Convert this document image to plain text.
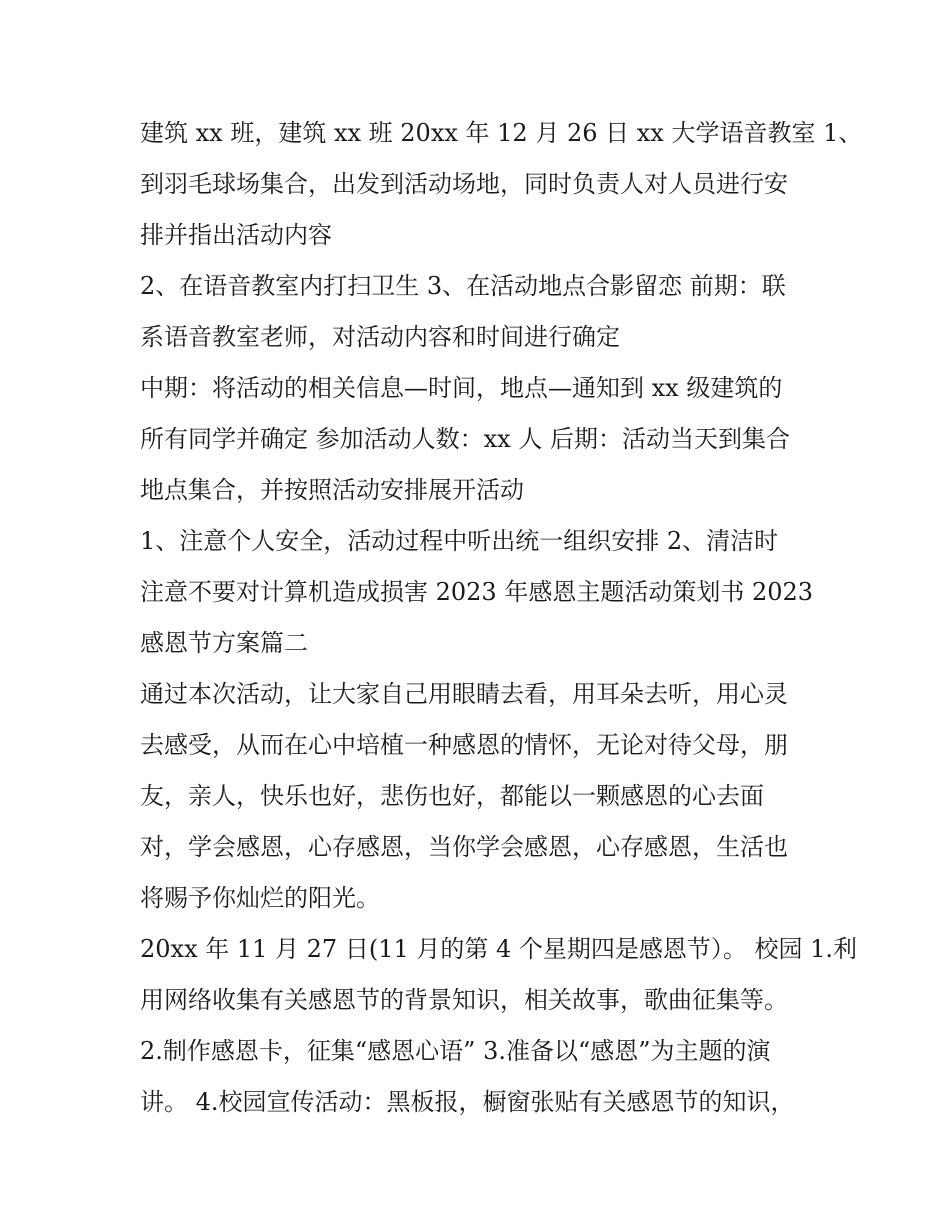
建筑 xx 班，建筑 xx 班 20xx 年 12 月 26 日 xx 大学语音教室 1、
到羽毛球场集合，出发到活动场地，同时负责人对人员进行安
排并指出活动内容
2、在语音教室内打扫卫生 3、在活动地点合影留恋 前期：联
系语音教室老师，对活动内容和时间进行确定
中期：将活动的相关信息—时间，地点—通知到 xx 级建筑的
所有同学并确定 参加活动人数：xx 人 后期：活动当天到集合
地点集合，并按照活动安排展开活动
1、注意个人安全，活动过程中听出统一组织安排 2、清洁时
注意不要对计算机造成损害 2023 年感恩主题活动策划书 2023
感恩节方案篇二
通过本次活动，让大家自己用眼睛去看，用耳朵去听，用心灵
去感受，从而在心中培植一种感恩的情怀，无论对待父母，朋
友，亲人，快乐也好，悲伤也好，都能以一颗感恩的心去面
对，学会感恩，心存感恩，当你学会感恩，心存感恩，生活也
将赐予你灿烂的阳光。
20xx 年 11 月 27 日(11 月的第 4 个星期四是感恩节）。 校园 1.利
用网络收集有关感恩节的背景知识，相关故事，歌曲征集等。
2.制作感恩卡，征集“感恩心语” 3.准备以“感恩”为主题的演
讲。 4.校园宣传活动：黑板报，橱窗张贴有关感恩节的知识，
